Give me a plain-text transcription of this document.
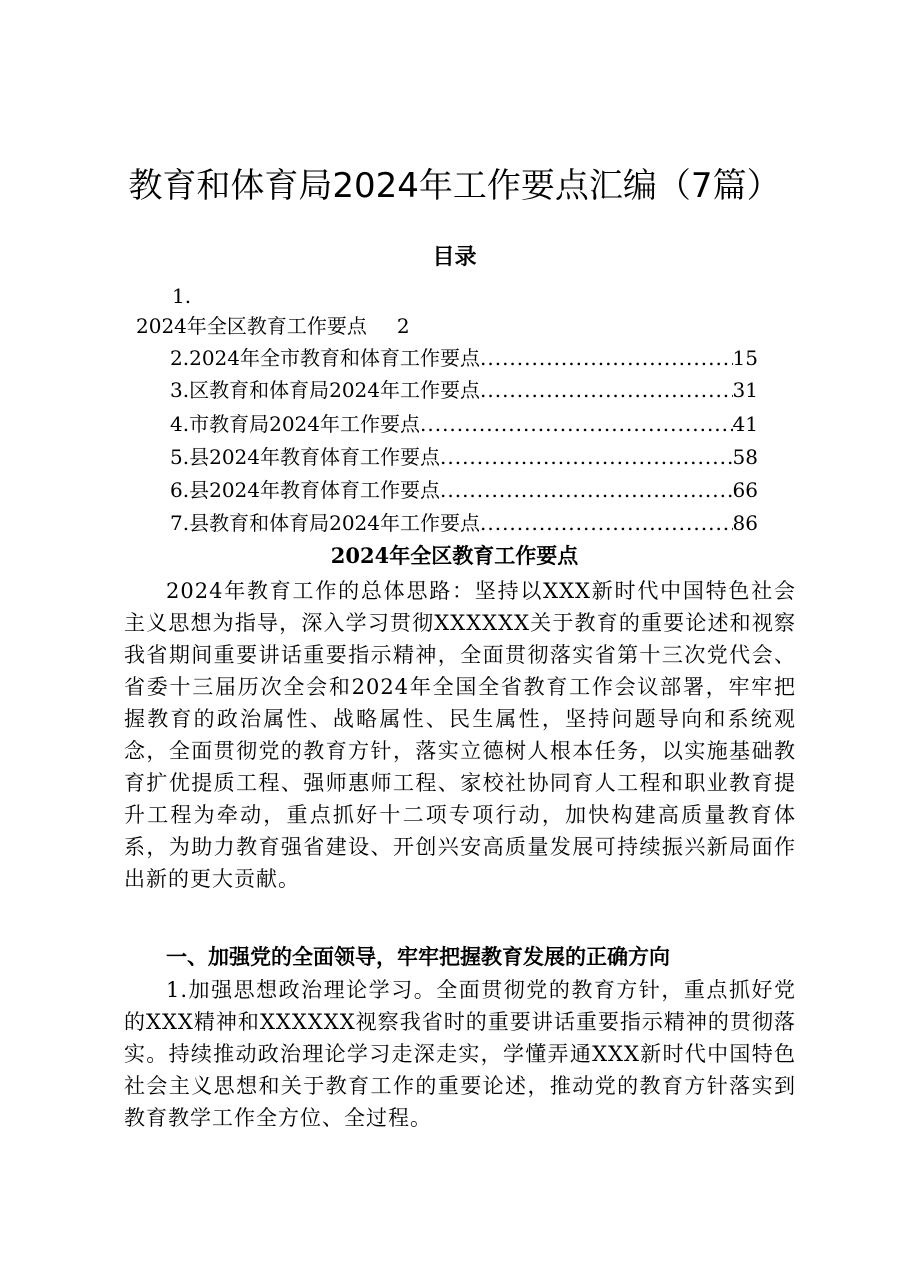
教育和体育局2024年工作要点汇编（7篇）
目录
1.
2024年全区教育工作要点 2
2. 2024年全市教育和体育工作要点 .....	15
3. 区教育和体育局2024年工作要点 .....	31
4. 市教育局2024年工作要点 .....	41
5. 县2024年教育体育工作要点 .....	58
6. 县2024年教育体育工作要点 .....	66
7. 县教育和体育局2024年工作要点 .....	86
2024年全区教育工作要点

2024年教育工作的总体思路：坚持以XXX新时代中国特色社会主义思想为指导，深入学习贯彻XXXXXX关于教育的重要论述和视察我省期间重要讲话重要指示精神，全面贯彻落实省第十三次党代会、省委十三届历次全会和2024年全国全省教育工作会议部署，牢牢把握教育的政治属性、战略属性、民生属性，坚持问题导向和系统观念，全面贯彻党的教育方针，落实立德树人根本任务，以实施基础教育扩优提质工程、强师惠师工程、家校社协同育人工程和职业教育提升工程为牵动，重点抓好十二项专项行动，加快构建高质量教育体系，为助力教育强省建设、开创兴安高质量发展可持续振兴新局面作出新的更大贡献。

一、加强党的全面领导，牢牢把握教育发展的正确方向

1.加强思想政治理论学习。全面贯彻党的教育方针，重点抓好党的XXX精神和XXXXXX视察我省时的重要讲话重要指示精神的贯彻落实。持续推动政治理论学习走深走实，学懂弄通XXX新时代中国特色社会主义思想和关于教育工作的重要论述，推动党的教育方针落实到教育教学工作全方位、全过程。
